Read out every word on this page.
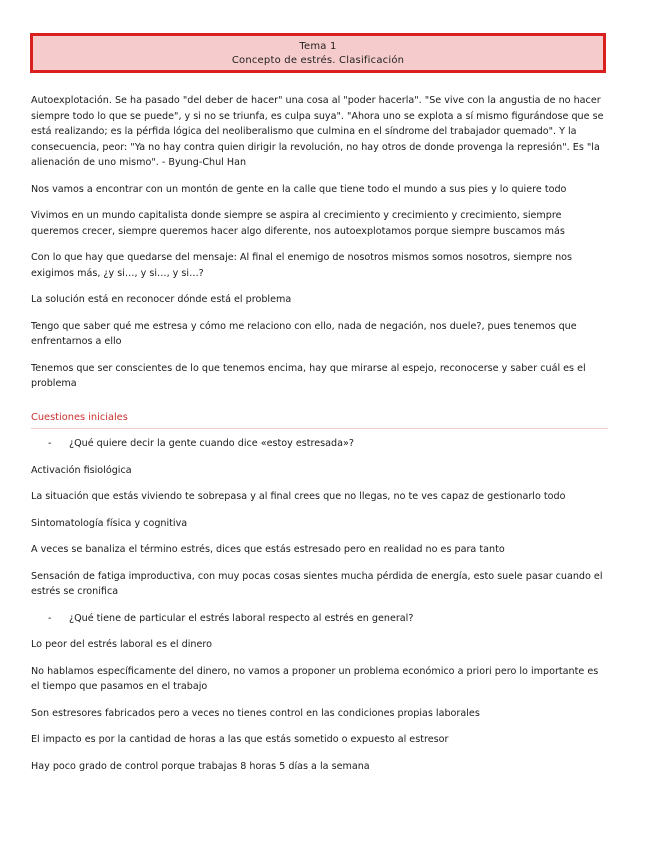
Tema 1
Concepto de estrés. Clasificación

Autoexplotación. Se ha pasado "del deber de hacer" una cosa al "poder hacerla". "Se vive con la angustia de no hacer siempre todo lo que se puede", y si no se triunfa, es culpa suya". "Ahora uno se explota a sí mismo figurándose que se está realizando; es la pérfida lógica del neoliberalismo que culmina en el síndrome del trabajador quemado". Y la consecuencia, peor: "Ya no hay contra quien dirigir la revolución, no hay otros de donde provenga la represión". Es "la alienación de uno mismo". - Byung-Chul Han

Nos vamos a encontrar con un montón de gente en la calle que tiene todo el mundo a sus pies y lo quiere todo

Vivimos en un mundo capitalista donde siempre se aspira al crecimiento y crecimiento y crecimiento, siempre queremos crecer, siempre queremos hacer algo diferente, nos autoexplotamos porque siempre buscamos más

Con lo que hay que quedarse del mensaje: Al final el enemigo de nosotros mismos somos nosotros, siempre nos exigimos más, ¿y si…, y si…, y si…?

La solución está en reconocer dónde está el problema

Tengo que saber qué me estresa y cómo me relaciono con ello, nada de negación, nos duele?, pues tenemos que enfrentarnos a ello

Tenemos que ser conscientes de lo que tenemos encima, hay que mirarse al espejo, reconocerse y saber cuál es el problema

Cuestiones iniciales
- ¿Qué quiere decir la gente cuando dice «estoy estresada»?

Activación fisiológica

La situación que estás viviendo te sobrepasa y al final crees que no llegas, no te ves capaz de gestionarlo todo

Sintomatología física y cognitiva

A veces se banaliza el término estrés, dices que estás estresado pero en realidad no es para tanto

Sensación de fatiga improductiva, con muy pocas cosas sientes mucha pérdida de energía, esto suele pasar cuando el estrés se cronifica

- ¿Qué tiene de particular el estrés laboral respecto al estrés en general?

Lo peor del estrés laboral es el dinero

No hablamos específicamente del dinero, no vamos a proponer un problema económico a priori pero lo importante es el tiempo que pasamos en el trabajo

Son estresores fabricados pero a veces no tienes control en las condiciones propias laborales

El impacto es por la cantidad de horas a las que estás sometido o expuesto al estresor

Hay poco grado de control porque trabajas 8 horas 5 días a la semana
